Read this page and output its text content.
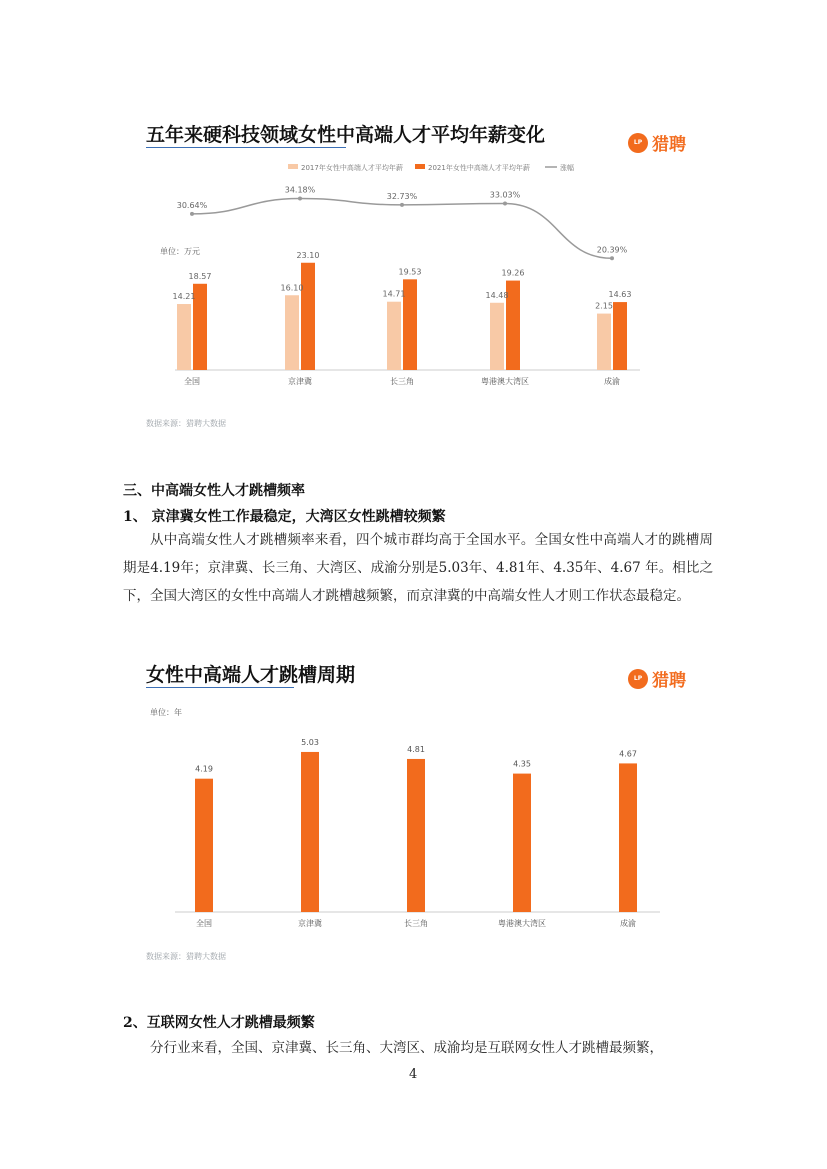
五年来硬科技领域女性中高端人才平均年薪变化	LP 猎聘
2017年女性中高端人才平均年薪	2021年女性中高端人才平均年薪	涨幅
14.21
18.57
全国
16.10
23.10
京津冀
14.71
19.53
长三角
14.48
19.26
粤港澳大湾区
2.15
14.63
成渝
30.64%
34.18%
32.73%	33.03%
20.39%
单位：万元
数据来源：猎聘大数据
三、中高端女性人才跳槽频率
1、 京津冀女性工作最稳定，大湾区女性跳槽较频繁

从中高端女性人才跳槽频率来看，四个城市群均高于全国水平。全国女性中高端人才的跳槽周期是4.19年；京津冀、长三角、大湾区、成渝分别是5.03年、4.81年、4.35年、4.67 年。相比之下，全国大湾区的女性中高端人才跳槽越频繁，而京津冀的中高端女性人才则工作状态最稳定。

女性中高端人才跳槽周期	LP 猎聘
单位：年
4.19
全国
5.03
京津冀
4.81
长三角
4.35
粤港澳大湾区
4.67
成渝
数据来源：猎聘大数据
2、互联网女性人才跳槽最频繁

分行业来看，全国、京津冀、长三角、大湾区、成渝均是互联网女性人才跳槽最频繁，

4
